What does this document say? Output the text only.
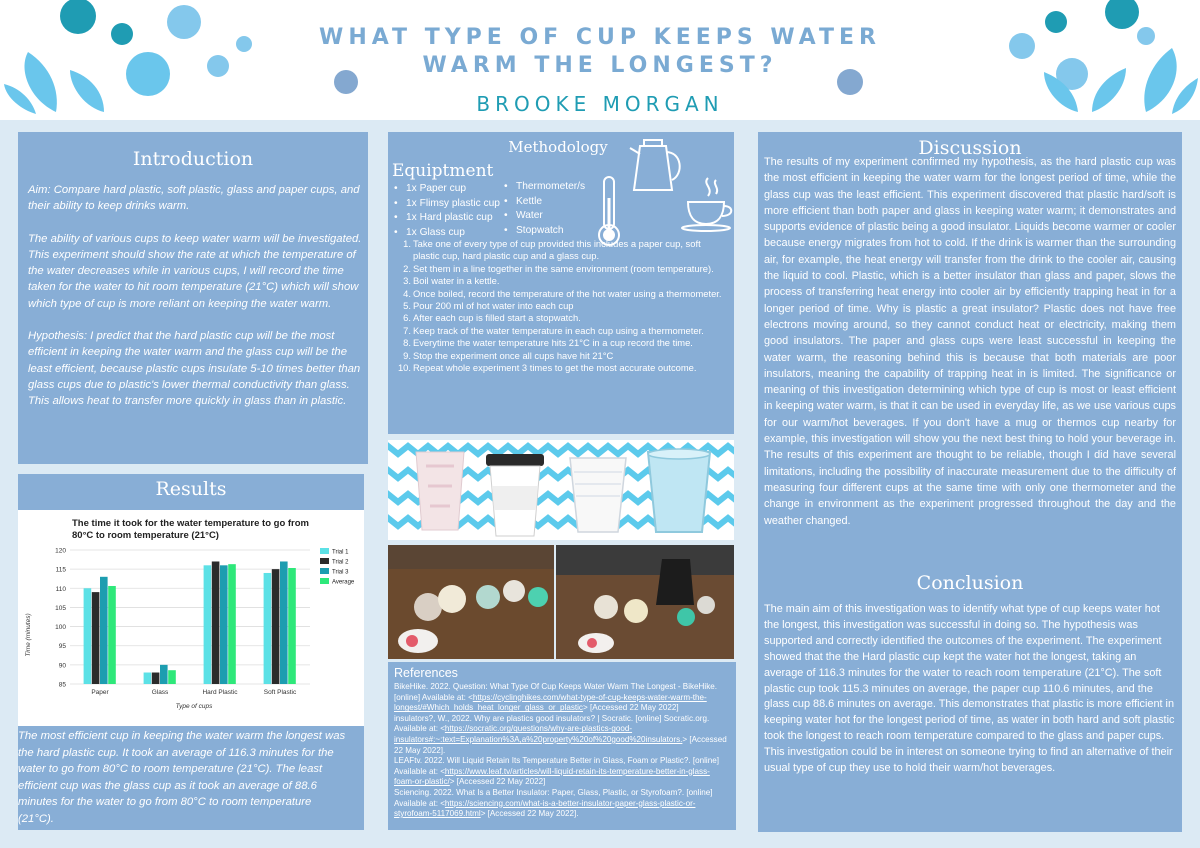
WHAT TYPE OF CUP KEEPS WATER
WARM THE LONGEST?
BROOKE MORGAN
Introduction

Aim: Compare hard plastic, soft plastic, glass and paper cups, and their ability to keep drinks warm.

The ability of various cups to keep water warm will be investigated. This experiment should show the rate at which the temperature of the water decreases while in various cups, I will record the time taken for the water to hit room temperature (21°C) which will show which type of cup is more reliant on keeping the water warm.

Hypothesis: I predict that the hard plastic cup will be the most efficient in keeping the water warm and the glass cup will be the least efficient, because plastic cups insulate 5-10 times better than glass cups due to plastic's lower thermal conductivity than glass. This allows heat to transfer more quickly in glass than in plastic.

Results
The time it took for the water temperature to go from
80°C to room temperature (21°C)
85
90
95
100
105
110
115
120
Paper	Glass	Hard Plastic	Soft Plastic
Trial 1
Trial 2
Trial 3
Average
Time (minutes)
Type of cups
The most efficient cup in keeping the water warm the longest was the hard plastic cup. It took an average of 116.3 minutes for the water to go from 80°C to room temperature (21°C). The least efficient cup was the glass cup as it took an average of 88.6 minutes for the water to go from 80°C to room temperature (21°C).
Methodology
Equiptment
• 1x Paper cup
• 1x Flimsy plastic cup
• 1x Hard plastic cup
• 1x Glass cup
• Thermometer/s
• Kettle
• Water
• Stopwatch
1. Take one of every type of cup provided this includes a paper cup, soft plastic cup, hard plastic cup and a glass cup.
2. Set them in a line together in the same environment (room temperature).
3. Boil water in a kettle.
4. Once boiled, record the temperature of the hot water using a thermometer.
5. Pour 200 ml of hot water into each cup
6. After each cup is filled start a stopwatch.
7. Keep track of the water temperature in each cup using a thermometer.
8. Everytime the water temperature hits 21°C in a cup record the time.
9. Stop the experiment once all cups have hit 21°C
10. Repeat whole experiment 3 times to get the most accurate outcome.
References
BikeHike. 2022. Question: What Type Of Cup Keeps Water Warm The Longest - BikeHike. [online] Available at: <https://cyclinghikes.com/what-type-of-cup-keeps-water-warm-the-longest/#Which_holds_heat_longer_glass_or_plastic> [Accessed 22 May 2022]
insulators?, W., 2022. Why are plastics good insulators? | Socratic. [online] Socratic.org. Available at: <https://socratic.org/questions/why-are-plastics-good-insulators#:~:text=Explanation%3A,a%20property%20of%20good%20insulators.> [Accessed 22 May 2022].
LEAFtv. 2022. Will Liquid Retain Its Temperature Better in Glass, Foam or Plastic?. [online] Available at: <https://www.leaf.tv/articles/will-liquid-retain-its-temperature-better-in-glass-foam-or-plastic/> [Accessed 22 May 2022]
Sciencing. 2022. What Is a Better Insulator: Paper, Glass, Plastic, or Styrofoam?. [online] Available at: <https://sciencing.com/what-is-a-better-insulator-paper-glass-plastic-or-styrofoam-5117069.html> [Accessed 22 May 2022].
Discussion
The results of my experiment confirmed my hypothesis, as the hard plastic cup was the most efficient in keeping the water warm for the longest period of time, while the glass cup was the least efficient. This experiment discovered that plastic hard/soft is more efficient than both paper and glass in keeping water warm; it demonstrates and supports evidence of plastic being a good insulator. Liquids become warmer or cooler because energy migrates from hot to cold. If the drink is warmer than the surrounding air, for example, the heat energy will transfer from the drink to the cooler air, causing the liquid to cool. Plastic, which is a better insulator than glass and paper, slows the process of transferring heat energy into cooler air by efficiently trapping heat in for a longer period of time. Why is plastic a great insulator? Plastic does not have free electrons moving around, so they cannot conduct heat or electricity, making them good insulators. The paper and glass cups were least successful in keeping the water warm, the reasoning behind this is because that both materials are poor insulators, meaning the capability of trapping heat in is limited. The significance or meaning of this investigation determining which type of cup is most or least efficient in keeping water warm, is that it can be used in everyday life, as we use various cups for our warm/hot beverages. If you don't have a mug or thermos cup nearby for example, this investigation will show you the next best thing to hold your beverage in. The results of this experiment are thought to be reliable, though I did have several limitations, including the possibility of inaccurate measurement due to the difficulty of measuring four different cups at the same time with only one thermometer and the change in environment as the experiment progressed throughout the day and the weather changed.
Conclusion
The main aim of this investigation was to identify what type of cup keeps water hot the longest, this investigation was successful in doing so. The hypothesis was supported and correctly identified the outcomes of the experiment. The experiment showed that the the Hard plastic cup kept the water hot the longest, taking an average of 116.3 minutes for the water to reach room temperature (21°C). The soft plastic cup took 115.3 minutes on average, the paper cup 110.6 minutes, and the glass cup 88.6 minutes on average. This demonstrates that plastic is more efficient in keeping water hot for the longest period of time, as water in both hard and soft plastic took the longest to reach room temperature compared to the glass and paper cups. This investigation could be in interest on someone trying to find an alternative of their usual type of cup they use to hold their warm/hot beverages.
